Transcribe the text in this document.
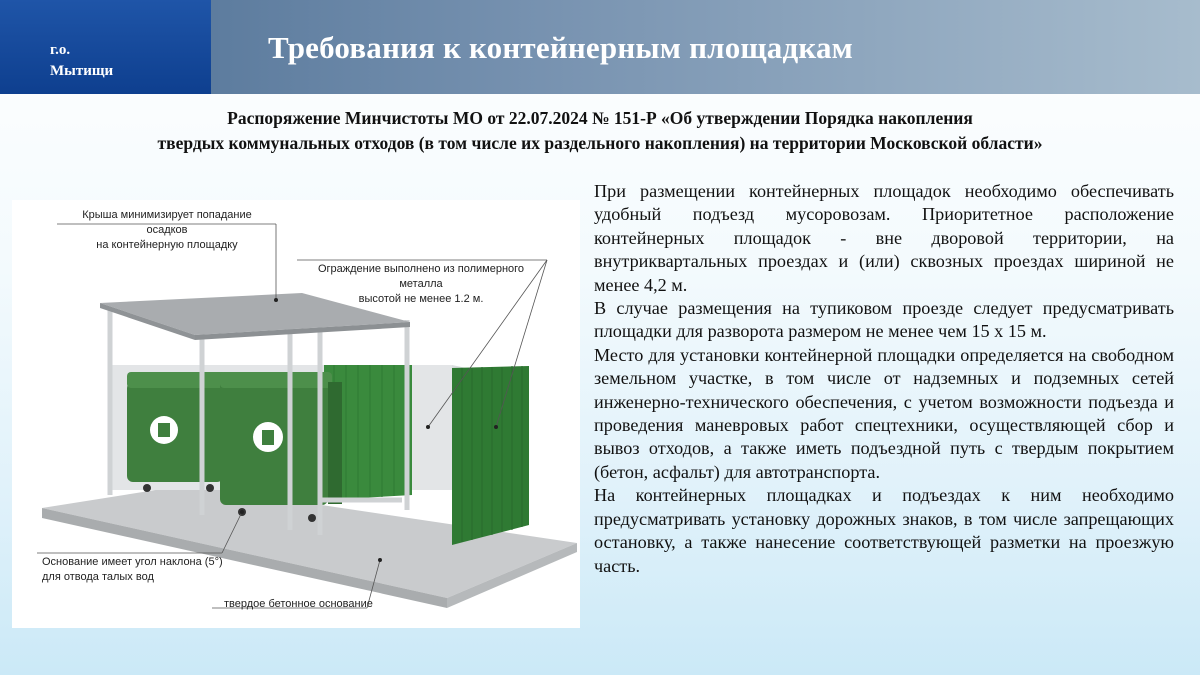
г.о.
Мытищи
Требования к контейнерным площадкам
Распоряжение Минчистоты МО от 22.07.2024 № 151-Р «Об утверждении Порядка накопления
твердых коммунальных отходов (в том числе их раздельного накопления) на территории Московской области»
Крыша минимизирует попадание осадков
на контейнерную площадку
Ограждение выполнено из полимерного металла
высотой не менее 1.2 м.
Основание имеет угол наклона (5°)
для отвода талых вод
твердое бетонное основание

При размещении контейнерных площадок необходимо обеспечивать удобный подъезд мусоровозам. Приоритетное расположение контейнерных площадок - вне дворовой территории, на внутриквартальных проездах и (или) сквозных проездах шириной не менее 4,2 м.

В случае размещения на тупиковом проезде следует предусматривать площадки для разворота размером не менее чем 15 х 15 м.

Место для установки контейнерной площадки определяется на свободном земельном участке, в том числе от надземных и подземных сетей инженерно-технического обеспечения, с учетом возможности подъезда и проведения маневровых работ спецтехники, осуществляющей сбор и вывоз отходов, а также иметь подъездной путь с твердым покрытием (бетон, асфальт) для автотранспорта.

На контейнерных площадках и подъездах к ним необходимо предусматривать установку дорожных знаков, в том числе запрещающих остановку, а также нанесение соответствующей разметки на проезжую часть.
